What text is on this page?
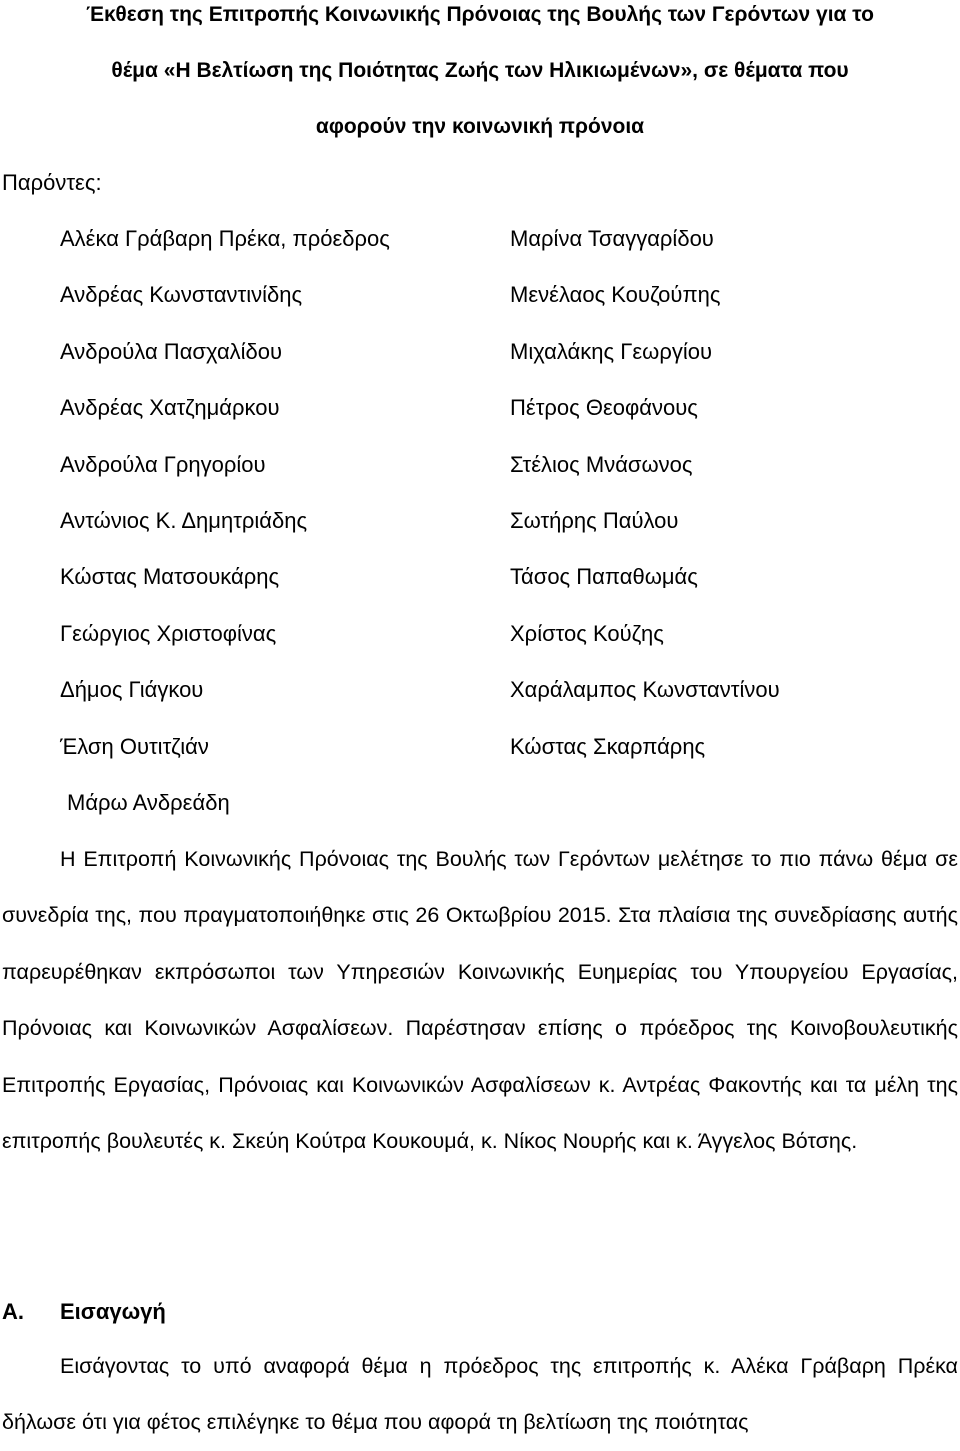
Έκθεση της Επιτροπής Κοινωνικής Πρόνοιας της Βουλής των Γερόντων για το
θέμα «Η Βελτίωση της Ποιότητας Ζωής των Ηλικιωμένων», σε θέματα που
αφορούν την κοινωνική πρόνοια
Παρόντες:
Αλέκα Γράβαρη Πρέκα, πρόεδρος
Ανδρέας Κωνσταντινίδης
Ανδρούλα Πασχαλίδου
Ανδρέας Χατζημάρκου
Ανδρούλα Γρηγορίου
Αντώνιος Κ. Δημητριάδης
Κώστας Ματσουκάρης
Γεώργιος Χριστοφίνας
Δήμος Γιάγκου
Έλση Ουτιτζιάν
Μαρίνα Τσαγγαρίδου
Μενέλαος Κουζούπης
Μιχαλάκης Γεωργίου
Πέτρος Θεοφάνους
Στέλιος Μνάσωνος
Σωτήρης Παύλου
Τάσος Παπαθωμάς
Χρίστος Κούζης
Χαράλαμπος Κωνσταντίνου
Κώστας Σκαρπάρης
Μάρω Ανδρεάδη

Η Επιτροπή Κοινωνικής Πρόνοιας της Βουλής των Γερόντων μελέτησε το πιο πάνω θέμα σε συνεδρία της, που πραγματοποιήθηκε στις 26 Οκτωβρίου 2015. Στα πλαίσια της συνεδρίασης αυτής παρευρέθηκαν εκπρόσωποι των Υπηρεσιών Κοινωνικής Ευημερίας του Υπουργείου Εργασίας, Πρόνοιας και Κοινωνικών Ασφαλίσεων. Παρέστησαν επίσης ο πρόεδρος της Κοινοβουλευτικής Επιτροπής Εργασίας, Πρόνοιας και Κοινωνικών Ασφαλίσεων κ. Αντρέας Φακοντής και τα μέλη της επιτροπής βουλευτές κ. Σκεύη Κούτρα Κουκουμά, κ. Νίκος Νουρής και κ. Άγγελος Βότσης.

Α. Εισαγωγή

Εισάγοντας το υπό αναφορά θέμα η πρόεδρος της επιτροπής κ. Αλέκα Γράβαρη Πρέκα δήλωσε ότι για φέτος επιλέγηκε το θέμα που αφορά τη βελτίωση της ποιότητας
